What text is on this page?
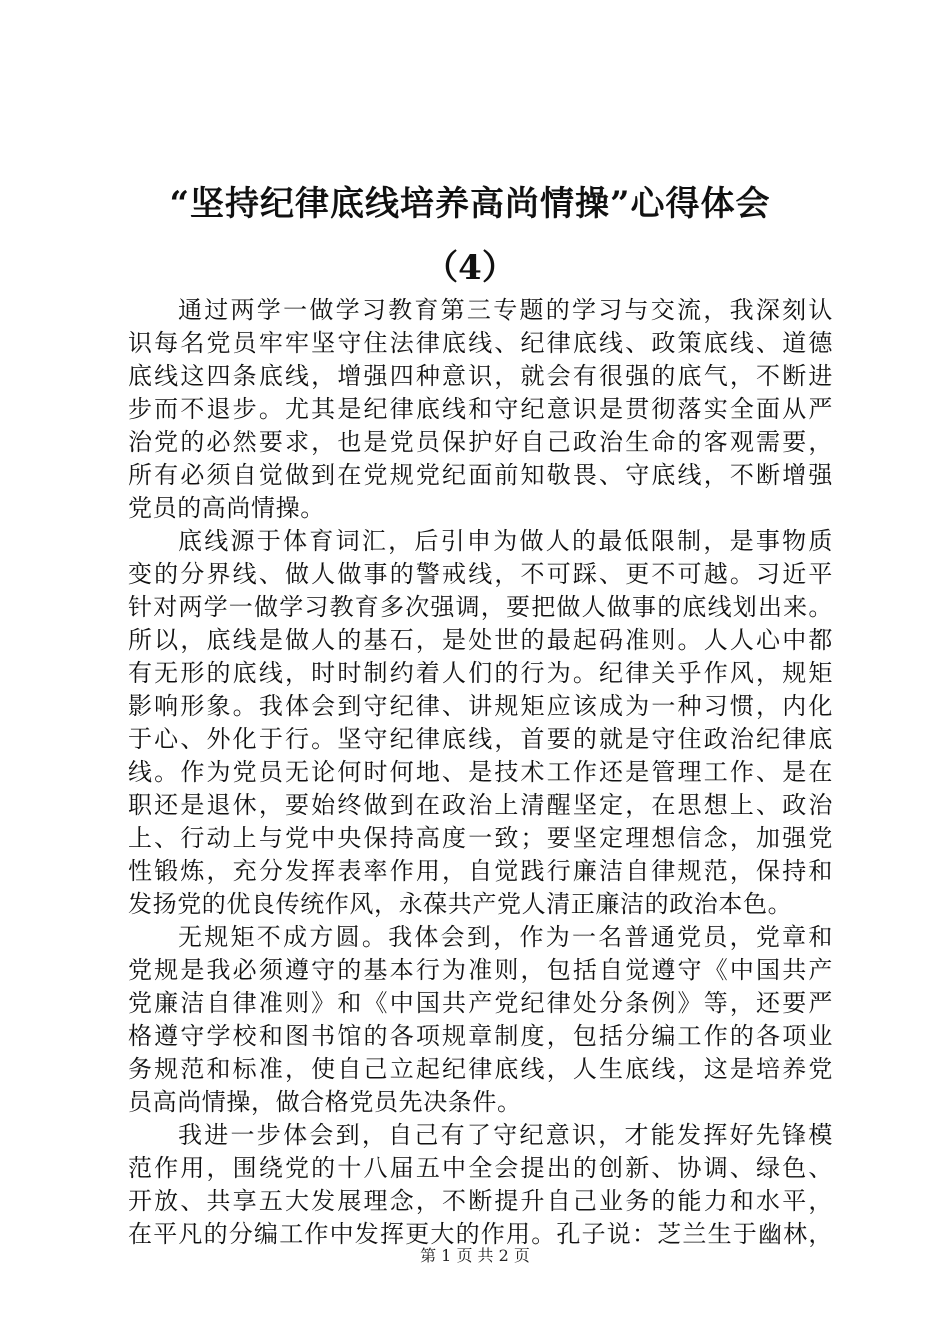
“坚持纪律底线培养高尚情操”心得体会
（4）
通过两学一做学习教育第三专题的学习与交流，我深刻认
识每名党员牢牢坚守住法律底线、纪律底线、政策底线、道德
底线这四条底线，增强四种意识，就会有很强的底气，不断进
步而不退步。尤其是纪律底线和守纪意识是贯彻落实全面从严
治党的必然要求，也是党员保护好自己政治生命的客观需要，
所有必须自觉做到在党规党纪面前知敬畏、守底线，不断增强
党员的高尚情操。
底线源于体育词汇，后引申为做人的最低限制，是事物质
变的分界线、做人做事的警戒线，不可踩、更不可越。习近平
针对两学一做学习教育多次强调，要把做人做事的底线划出来。
所以，底线是做人的基石，是处世的最起码准则。人人心中都
有无形的底线，时时制约着人们的行为。纪律关乎作风，规矩
影响形象。我体会到守纪律、讲规矩应该成为一种习惯，内化
于心、外化于行。坚守纪律底线，首要的就是守住政治纪律底
线。作为党员无论何时何地、是技术工作还是管理工作、是在
职还是退休，要始终做到在政治上清醒坚定，在思想上、政治
上、行动上与党中央保持高度一致；要坚定理想信念，加强党
性锻炼，充分发挥表率作用，自觉践行廉洁自律规范，保持和
发扬党的优良传统作风，永葆共产党人清正廉洁的政治本色。
无规矩不成方圆。我体会到，作为一名普通党员，党章和
党规是我必须遵守的基本行为准则，包括自觉遵守《中国共产
党廉洁自律准则》和《中国共产党纪律处分条例》等，还要严
格遵守学校和图书馆的各项规章制度，包括分编工作的各项业
务规范和标准，使自己立起纪律底线，人生底线，这是培养党
员高尚情操，做合格党员先决条件。
我进一步体会到，自己有了守纪意识，才能发挥好先锋模
范作用，围绕党的十八届五中全会提出的创新、协调、绿色、
开放、共享五大发展理念，不断提升自己业务的能力和水平，
在平凡的分编工作中发挥更大的作用。孔子说：芝兰生于幽林，
第 1 页 共 2 页
